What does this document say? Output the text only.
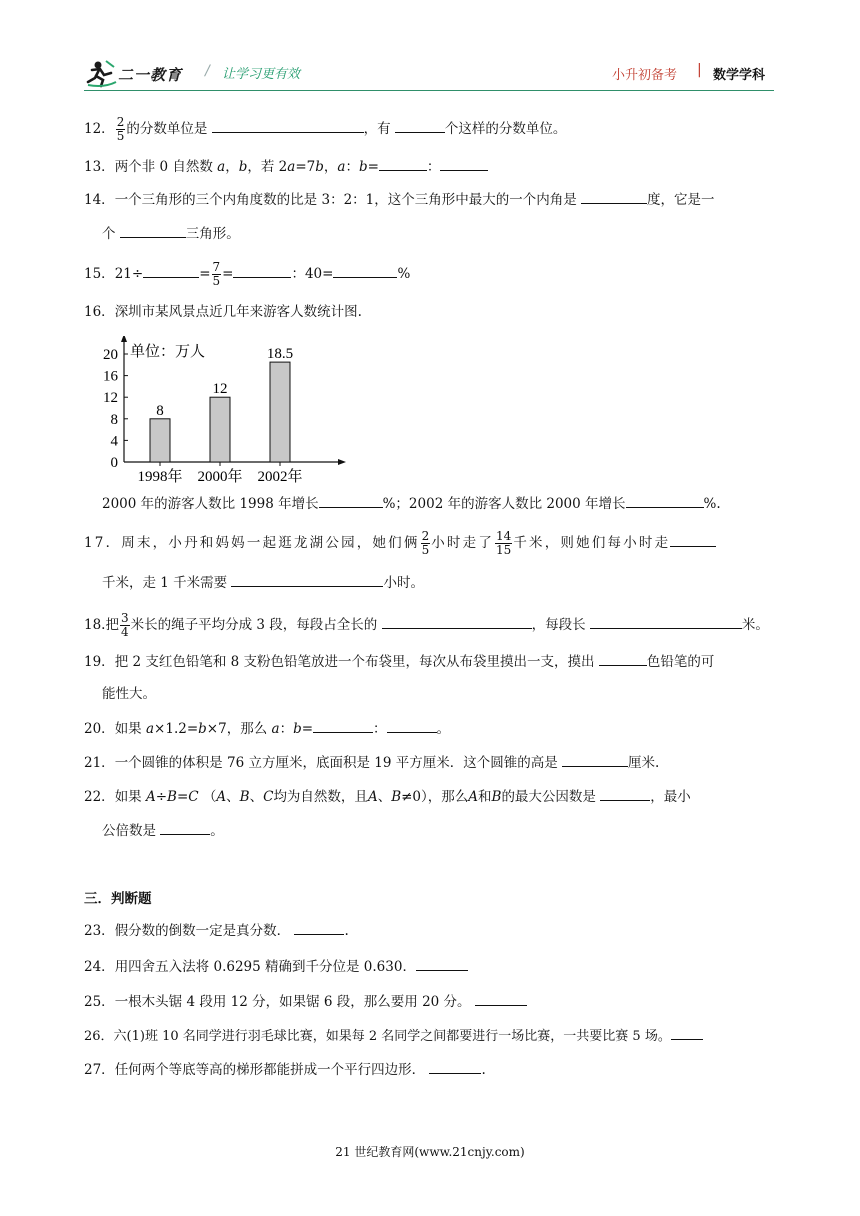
二一教育 / 让学习更有效	小升初备考 | 数学学科
12． $\frac{2}{5}$ 的分数单位是	，有	个这样的分数单位。
13．两个非 0 自然数 a，b，若 2a=7b，a：b=	：
14．一个三角形的三个内角度数的比是 3：2：1，这个三角形中最大的一个内角是	度，它是一
个	三角形。
15．21÷	= $\frac{7}{5}$ =	：40=	%
16．深圳市某风景点近几年来游客人数统计图.
0
4
8
12
16
20 单位：万人
8
1998年
12
2000年
18.5
2002年
2000 年的游客人数比 1998 年增长	%；2002 年的游客人数比 2000 年增长	%.
17．周末，小丹和妈妈一起逛龙湖公园，她们俩 $\frac{2}{5}$ 小时走了 $\frac{14}{15}$ 千米，则她们每小时走
千米，走 1 千米需要	小时。
18.把 $\frac{3}{4}$ 米长的绳子平均分成 3 段，每段占全长的	，每段长	米。
19．把 2 支红色铅笔和 8 支粉色铅笔放进一个布袋里，每次从布袋里摸出一支，摸出	色铅笔的可
能性大。
20．如果 a×1.2=b×7，那么 a：b=	：	。
21．一个圆锥的体积是 76 立方厘米，底面积是 19 平方厘米．这个圆锥的高是	厘米.
22．如果 A÷B=C （A、B、C均为自然数，且A、B≠0），那么A和B的最大公因数是	，最小
公倍数是	。
三．判断题
23．假分数的倒数一定是真分数．	.
24．用四舍五入法将 0.6295 精确到千分位是 0.630．
25．一根木头锯 4 段用 12 分，如果锯 6 段，那么要用 20 分。
26．六(1)班 10 名同学进行羽毛球比赛，如果每 2 名同学之间都要进行一场比赛，一共要比赛 5 场。
27．任何两个等底等高的梯形都能拼成一个平行四边形．	.
21 世纪教育网(www.21cnjy.com)
